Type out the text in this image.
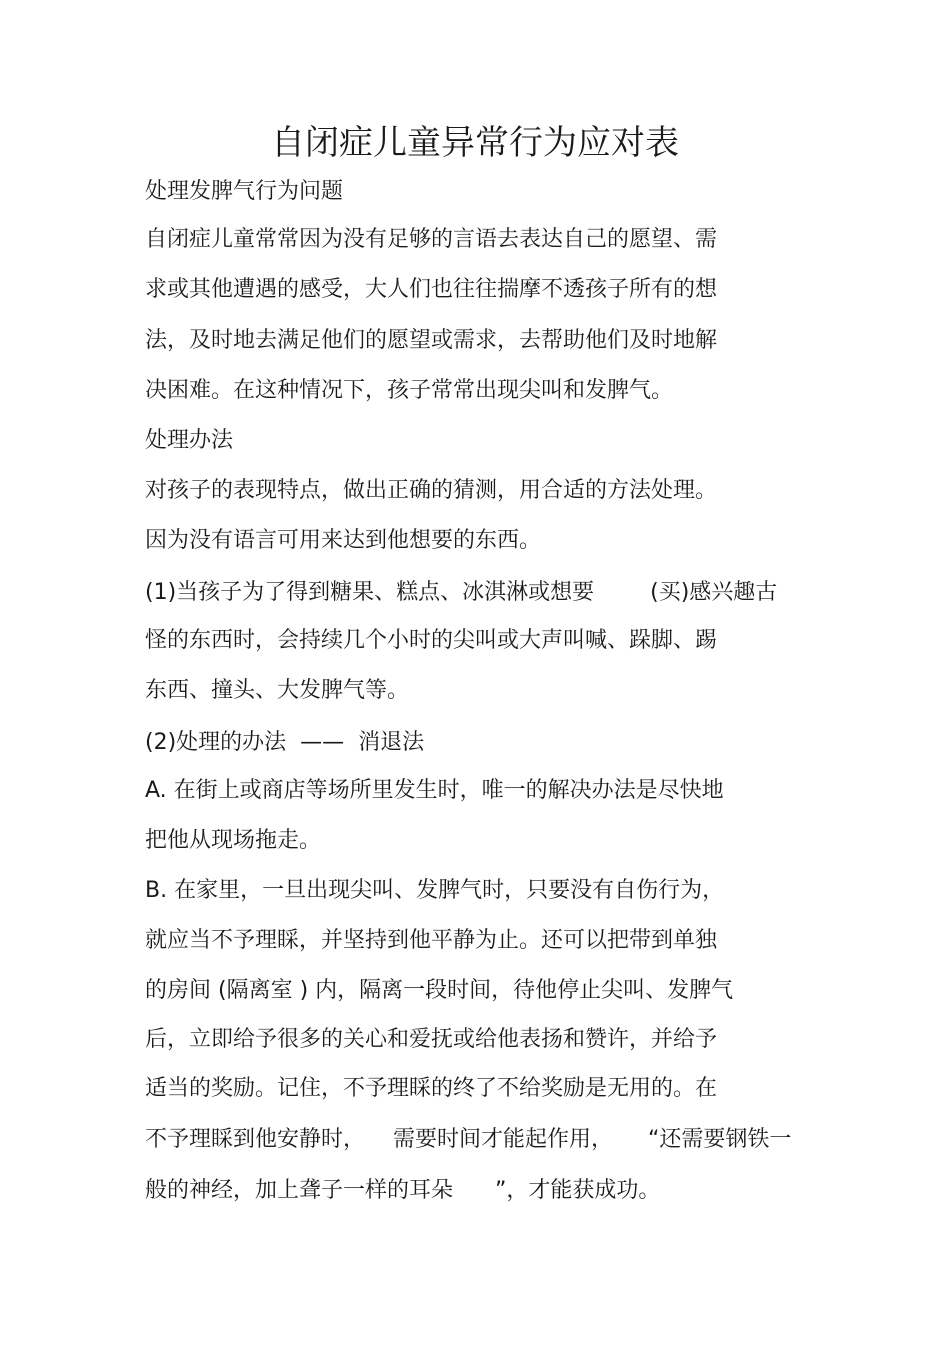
自闭症儿童异常行为应对表
处理发脾气行为问题
自闭症儿童常常因为没有足够的言语去表达自己的愿望、需
求或其他遭遇的感受，大人们也往往揣摩不透孩子所有的想
法，及时地去满足他们的愿望或需求，去帮助他们及时地解
决困难。在这种情况下，孩子常常出现尖叫和发脾气。
处理办法
对孩子的表现特点，做出正确的猜测，用合适的方法处理。
因为没有语言可用来达到他想要的东西。
(1)当孩子为了得到糖果、糕点、冰淇淋或想要        (买)感兴趣古
怪的东西时，会持续几个小时的尖叫或大声叫喊、跺脚、踢
东西、撞头、大发脾气等。
(2)处理的办法  ——  消退法
A. 在街上或商店等场所里发生时，唯一的解决办法是尽快地
把他从现场拖走。
B. 在家里，一旦出现尖叫、发脾气时，只要没有自伤行为，
就应当不予理睬，并坚持到他平静为止。还可以把带到单独
的房间 (隔离室 ) 内，隔离一段时间，待他停止尖叫、发脾气
后，立即给予很多的关心和爱抚或给他表扬和赞许，并给予
适当的奖励。记住，不予理睬的终了不给奖励是无用的。在
不予理睬到他安静时，    需要时间才能起作用，     “还需要钢铁一
般的神经，加上聋子一样的耳朵      ”，才能获成功。
